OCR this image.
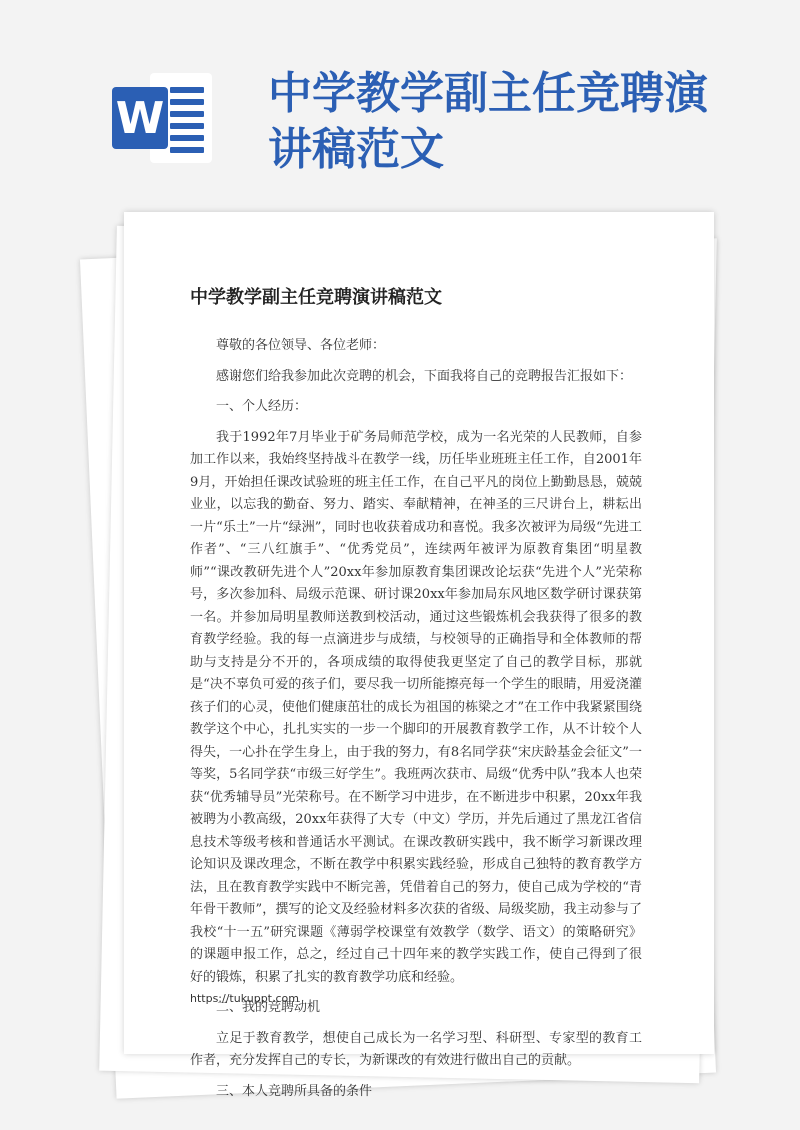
W 中学教学副主任竞聘演讲稿范文
中学教学副主任竞聘演讲稿范文

尊敬的各位领导、各位老师：

感谢您们给我参加此次竞聘的机会，下面我将自己的竞聘报告汇报如下：

一、个人经历：

我于1992年7月毕业于矿务局师范学校，成为一名光荣的人民教师，自参加工作以来，我始终坚持战斗在教学一线，历任毕业班班主任工作，自2001年9月，开始担任课改试验班的班主任工作，在自己平凡的岗位上勤勤恳恳，兢兢业业，以忘我的勤奋、努力、踏实、奉献精神，在神圣的三尺讲台上，耕耘出一片“乐土”一片“绿洲”，同时也收获着成功和喜悦。我多次被评为局级“先进工作者”、“三八红旗手”、“优秀党员”，连续两年被评为原教育集团“明星教师”“课改教研先进个人”20xx年参加原教育集团课改论坛获“先进个人”光荣称号，多次参加科、局级示范课、研讨课20xx年参加局东风地区数学研讨课获第一名。并参加局明星教师送教到校活动，通过这些锻炼机会我获得了很多的教育教学经验。我的每一点滴进步与成绩，与校领导的正确指导和全体教师的帮助与支持是分不开的，各项成绩的取得使我更坚定了自己的教学目标，那就是“决不辜负可爱的孩子们，要尽我一切所能擦亮每一个学生的眼睛，用爱浇灌孩子们的心灵，使他们健康茁壮的成长为祖国的栋梁之才”在工作中我紧紧围绕教学这个中心，扎扎实实的一步一个脚印的开展教育教学工作，从不计较个人得失，一心扑在学生身上，由于我的努力，有8名同学获“宋庆龄基金会征文”一等奖，5名同学获“市级三好学生”。我班两次获市、局级“优秀中队”我本人也荣获“优秀辅导员”光荣称号。在不断学习中进步，在不断进步中积累，20xx年我被聘为小教高级，20xx年获得了大专（中文）学历，并先后通过了黑龙江省信息技术等级考核和普通话水平测试。在课改教研实践中，我不断学习新课改理论知识及课改理念，不断在教学中积累实践经验，形成自己独特的教育教学方法，且在教育教学实践中不断完善，凭借着自己的努力，使自己成为学校的“青年骨干教师”，撰写的论文及经验材料多次获的省级、局级奖励，我主动参与了我校“十一五”研究课题《薄弱学校课堂有效教学（数学、语文）的策略研究》的课题申报工作，总之，经过自己十四年来的教学实践工作，使自己得到了很好的锻炼，积累了扎实的教育教学功底和经验。

二、我的竞聘动机

立足于教育教学，想使自己成长为一名学习型、科研型、专家型的教育工作者，充分发挥自己的专长，为新课改的有效进行做出自己的贡献。

三、本人竞聘所具备的条件

https://tukuppt.com
